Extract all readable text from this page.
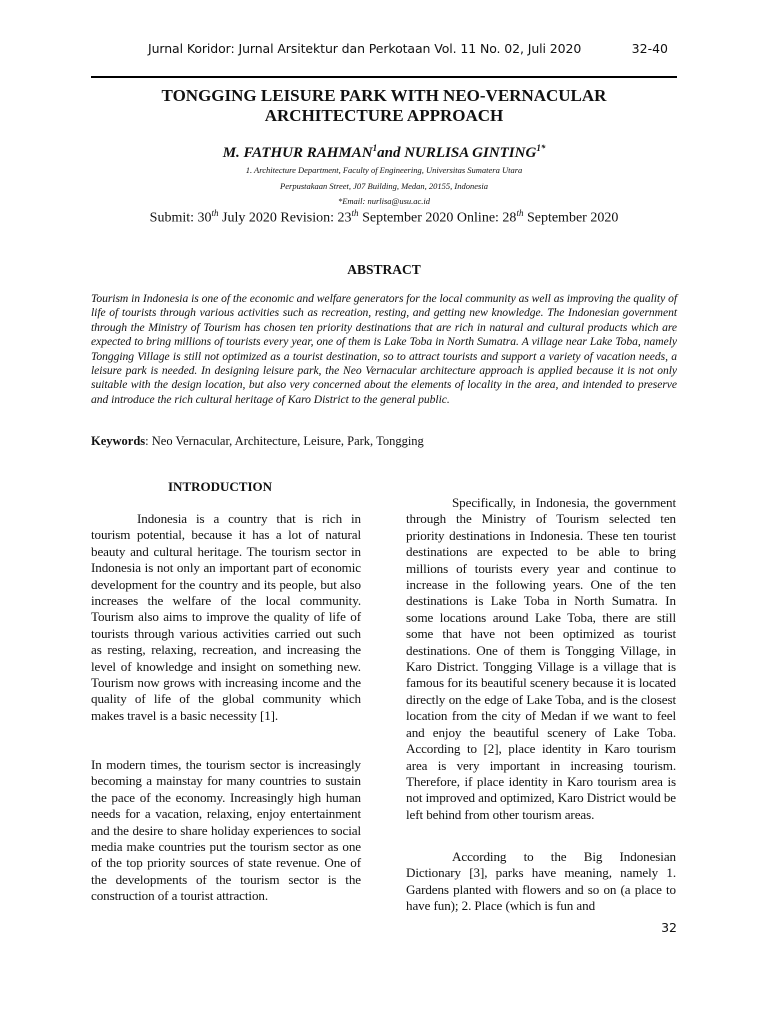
Jurnal Koridor: Jurnal Arsitektur dan Perkotaan Vol. 11 No. 02, Juli 2020	32-40
TONGGING LEISURE PARK WITH NEO-VERNACULAR
ARCHITECTURE APPROACH
M. FATHUR RAHMAN$^1$and NURLISA $GINTING^{1*}$
1. Architecture Department, Faculty of Engineering, Universitas Sumatera Utara
Perpustakaan Street, J07 Building, Medan, 20155, Indonesia
*Email: nurlisa@usu.ac.id
Submit: 30th July 2020 Revision: 23th September 2020 Online: 28th September 2020
ABSTRACT
Tourism in Indonesia is one of the economic and welfare generators for the local community as well as improving the quality of life of tourists through various activities such as recreation, resting, and getting new knowledge. The Indonesian government through the Ministry of Tourism has chosen ten priority destinations that are rich in natural and cultural products which are expected to bring millions of tourists every year, one of them is Lake Toba in North Sumatra. A village near Lake Toba, namely Tongging Village is still not optimized as a tourist destination, so to attract tourists and support a variety of vacation needs, a leisure park is needed. In designing leisure park, the Neo Vernacular architecture approach is applied because it is not only suitable with the design location, but also very concerned about the elements of locality in the area, and intended to preserve and introduce the rich cultural heritage of Karo District to the general public.
Keywords: Neo Vernacular, Architecture, Leisure, Park, Tongging
INTRODUCTION

Indonesia is a country that is rich in tourism potential, because it has a lot of natural beauty and cultural heritage. The tourism sector in Indonesia is not only an important part of economic development for the country and its people, but also increases the welfare of the local community. Tourism also aims to improve the quality of life of tourists through various activities carried out such as resting, relaxing, recreation, and increasing the level of knowledge and insight on something new. Tourism now grows with increasing income and the quality of life of the global community which makes travel is a basic necessity [1].

In modern times, the tourism sector is increasingly becoming a mainstay for many countries to sustain the pace of the economy. Increasingly high human needs for a vacation, relaxing, enjoy entertainment and the desire to share holiday experiences to social media make countries put the tourism sector as one of the top priority sources of state revenue. One of the developments of the tourism sector is the construction of a tourist attraction.

Specifically, in Indonesia, the government through the Ministry of Tourism selected ten priority destinations in Indonesia. These ten tourist destinations are expected to be able to bring millions of tourists every year and continue to increase in the following years. One of the ten destinations is Lake Toba in North Sumatra. In some locations around Lake Toba, there are still some that have not been optimized as tourist destinations. One of them is Tongging Village, in Karo District. Tongging Village is a village that is famous for its beautiful scenery because it is located directly on the edge of Lake Toba, and is the closest location from the city of Medan if we want to feel and enjoy the beautiful scenery of Lake Toba. According to [2], place identity in Karo tourism area is very important in increasing tourism. Therefore, if place identity in Karo tourism area is not improved and optimized, Karo District would be left behind from other tourism areas.

According to the Big Indonesian Dictionary [3], parks have meaning, namely 1. Gardens planted with flowers and so on (a place to have fun); 2. Place (which is fun and

32
